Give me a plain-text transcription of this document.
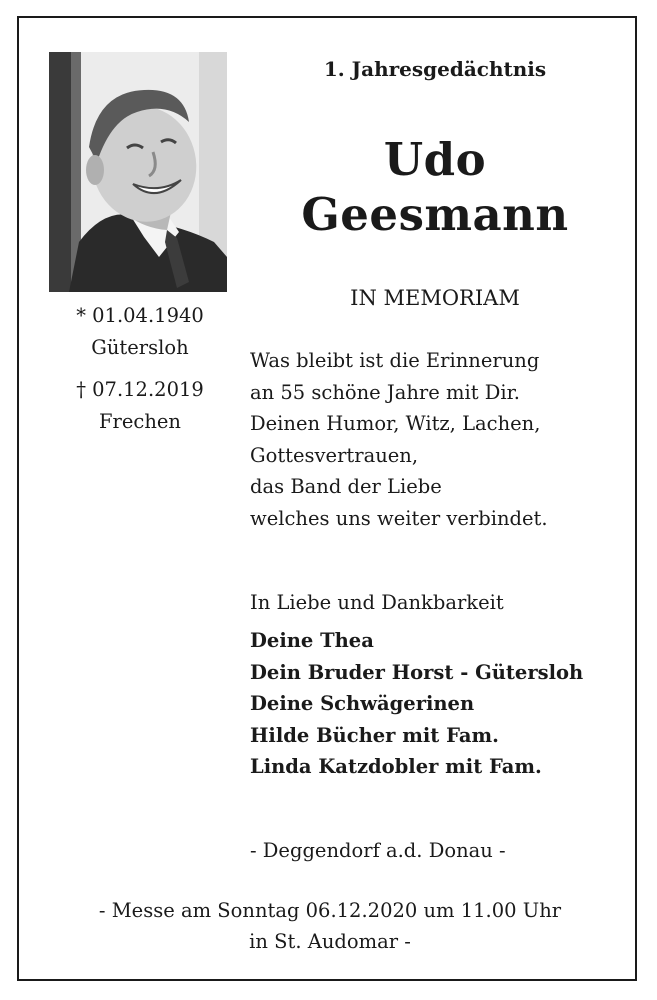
* 01.04.1940
Gütersloh
† 07.12.2019
Frechen
1. Jahresgedächtnis
Udo
Geesmann
IN MEMORIAM
Was bleibt ist die Erinnerung
an 55 schöne Jahre mit Dir.
Deinen Humor, Witz, Lachen,
Gottesvertrauen,
das Band der Liebe
welches uns weiter verbindet.
In Liebe und Dankbarkeit
Deine Thea
Dein Bruder Horst - Gütersloh
Deine Schwägerinen
Hilde Bücher mit Fam.
Linda Katzdobler mit Fam.
- Deggendorf a.d. Donau -
- Messe am Sonntag 06.12.2020 um 11.00 Uhr
in St. Audomar -
